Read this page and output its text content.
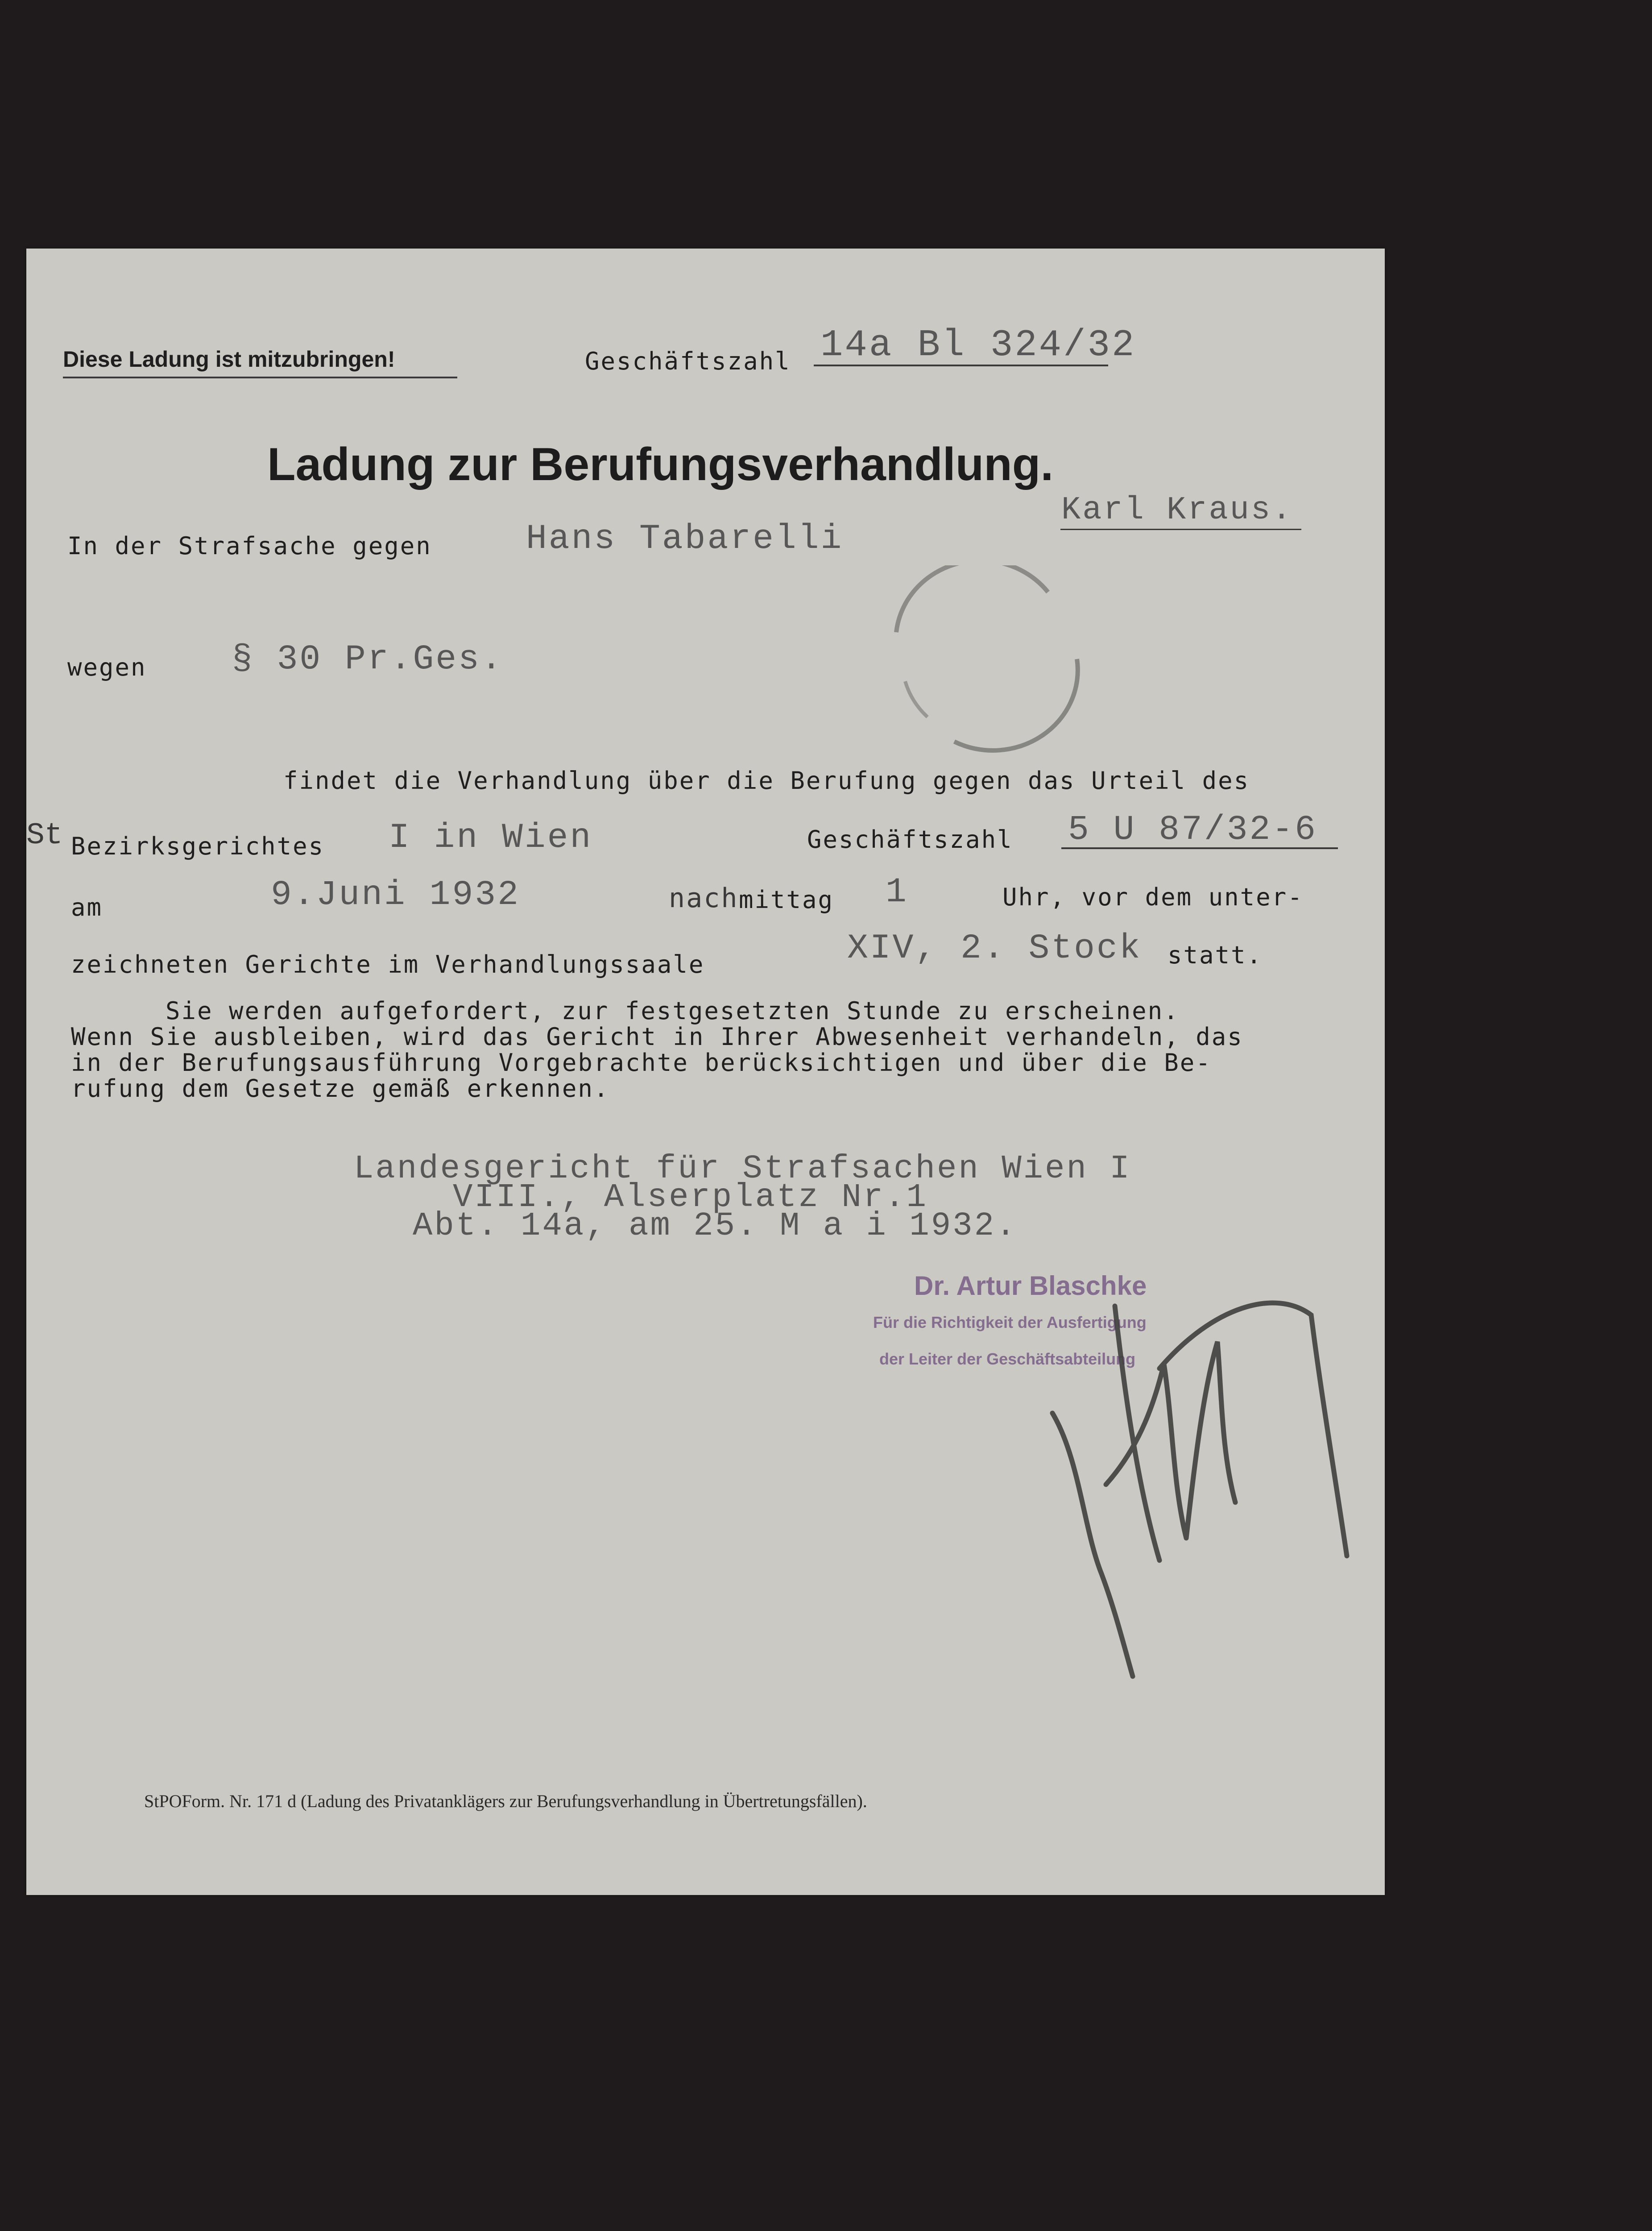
Diese Ladung ist mitzubringen!	Geschäftszahl 14a Bl 324/32
Ladung zur Berufungsverhandlung.
Karl Kraus.
In der Strafsache gegen	Hans Tabarelli
wegen § 30 Pr.Ges.
findet die Verhandlung über die Berufung gegen das Urteil des
St Bezirksgerichtes I in Wien	Geschäftszahl 5 U 87/32-6
am	9.Juni 1932	nach mittag 1	Uhr, vor dem unter-
zeichneten Gerichte im Verhandlungssaale	XIV, 2. Stock statt.
Sie werden aufgefordert, zur festgesetzten Stunde zu erscheinen.
Wenn Sie ausbleiben, wird das Gericht in Ihrer Abwesenheit verhandeln, das
in der Berufungsausführung Vorgebrachte berücksichtigen und über die Be-
rufung dem Gesetze gemäß erkennen.
Landesgericht für Strafsachen Wien I
VIII., Alserplatz Nr.1
Abt. 14a, am 25. M a i 1932.
Dr. Artur Blaschke
Für die Richtigkeit der Ausfertigung
der Leiter der Geschäftsabteilung
StPOForm. Nr. 171 d (Ladung des Privatanklägers zur Berufungsverhandlung in Übertretungsfällen).
